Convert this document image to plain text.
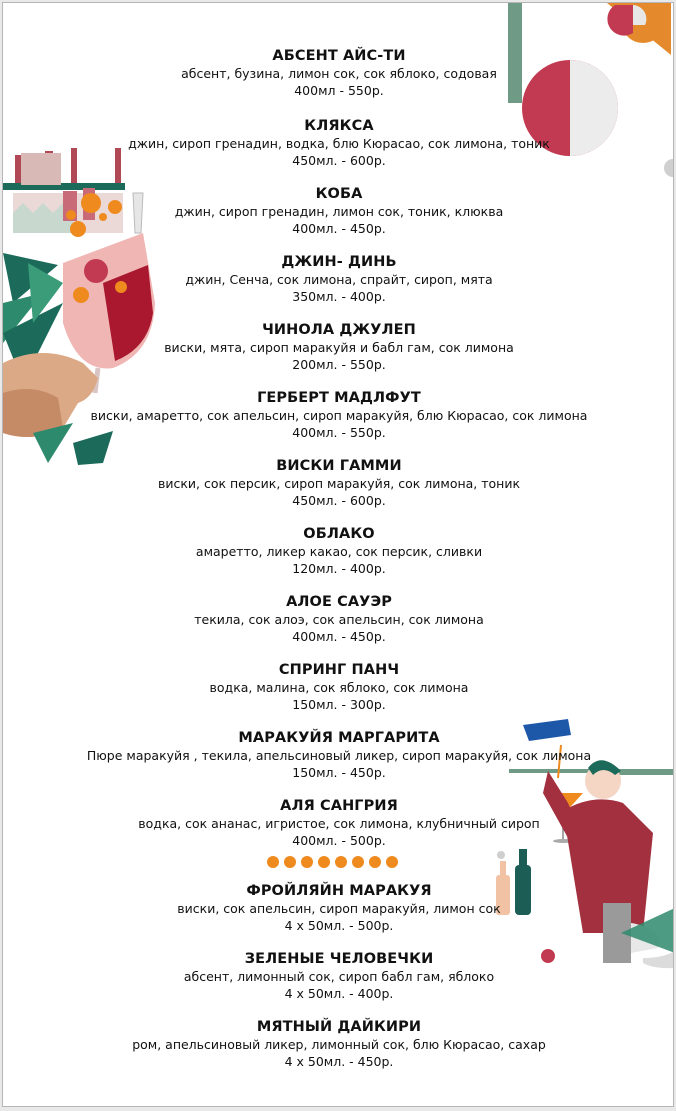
АБСЕНТ АЙС-ТИ
абсент, бузина, лимон сок, сок яблоко, содовая
400мл - 550р.
КЛЯКСА
джин, сироп гренадин, водка, блю Кюрасао, сок лимона, тоник
450мл. - 600р.
КОБА
джин, сироп гренадин, лимон сок, тоник, клюква
400мл. - 450р.
ДЖИН- ДИНЬ
джин, Сенча, сок лимона, спрайт, сироп, мята
350мл. - 400р.
ЧИНОЛА ДЖУЛЕП
виски, мята, сироп маракуйя и бабл гам, сок лимона
200мл. - 550р.
ГЕРБЕРТ МАДЛФУТ
виски, амаретто, сок апельсин, сироп маракуйя, блю Кюрасао, сок лимона
400мл. - 550р.
ВИСКИ ГАММИ
виски, сок персик, сироп маракуйя, сок лимона, тоник
450мл. - 600р.
ОБЛАКО
амаретто, ликер какао, сок персик, сливки
120мл. - 400р.
АЛОЕ САУЭР
текила, сок алоэ, сок апельсин, сок лимона
400мл. - 450р.
СПРИНГ ПАНЧ
водка, малина, сок яблоко, сок лимона
150мл. - 300р.
МАРАКУЙЯ МАРГАРИТА
Пюре маракуйя , текила, апельсиновый ликер, сироп маракуйя, сок лимона
150мл. - 450р.
АЛЯ САНГРИЯ
водка, сок ананас, игристое, сок лимона, клубничный сироп
400мл. - 500р.
ФРОЙЛЯЙН МАРАКУЯ
виски, сок апельсин, сироп маракуйя, лимон сок
4 х 50мл. - 500р.
ЗЕЛЕНЫЕ ЧЕЛОВЕЧКИ
абсент, лимонный сок, сироп бабл гам, яблоко
4 х 50мл. - 400р.
МЯТНЫЙ ДАЙКИРИ
ром, апельсиновый ликер, лимонный сок, блю Кюрасао, сахар
4 х 50мл. - 450р.
